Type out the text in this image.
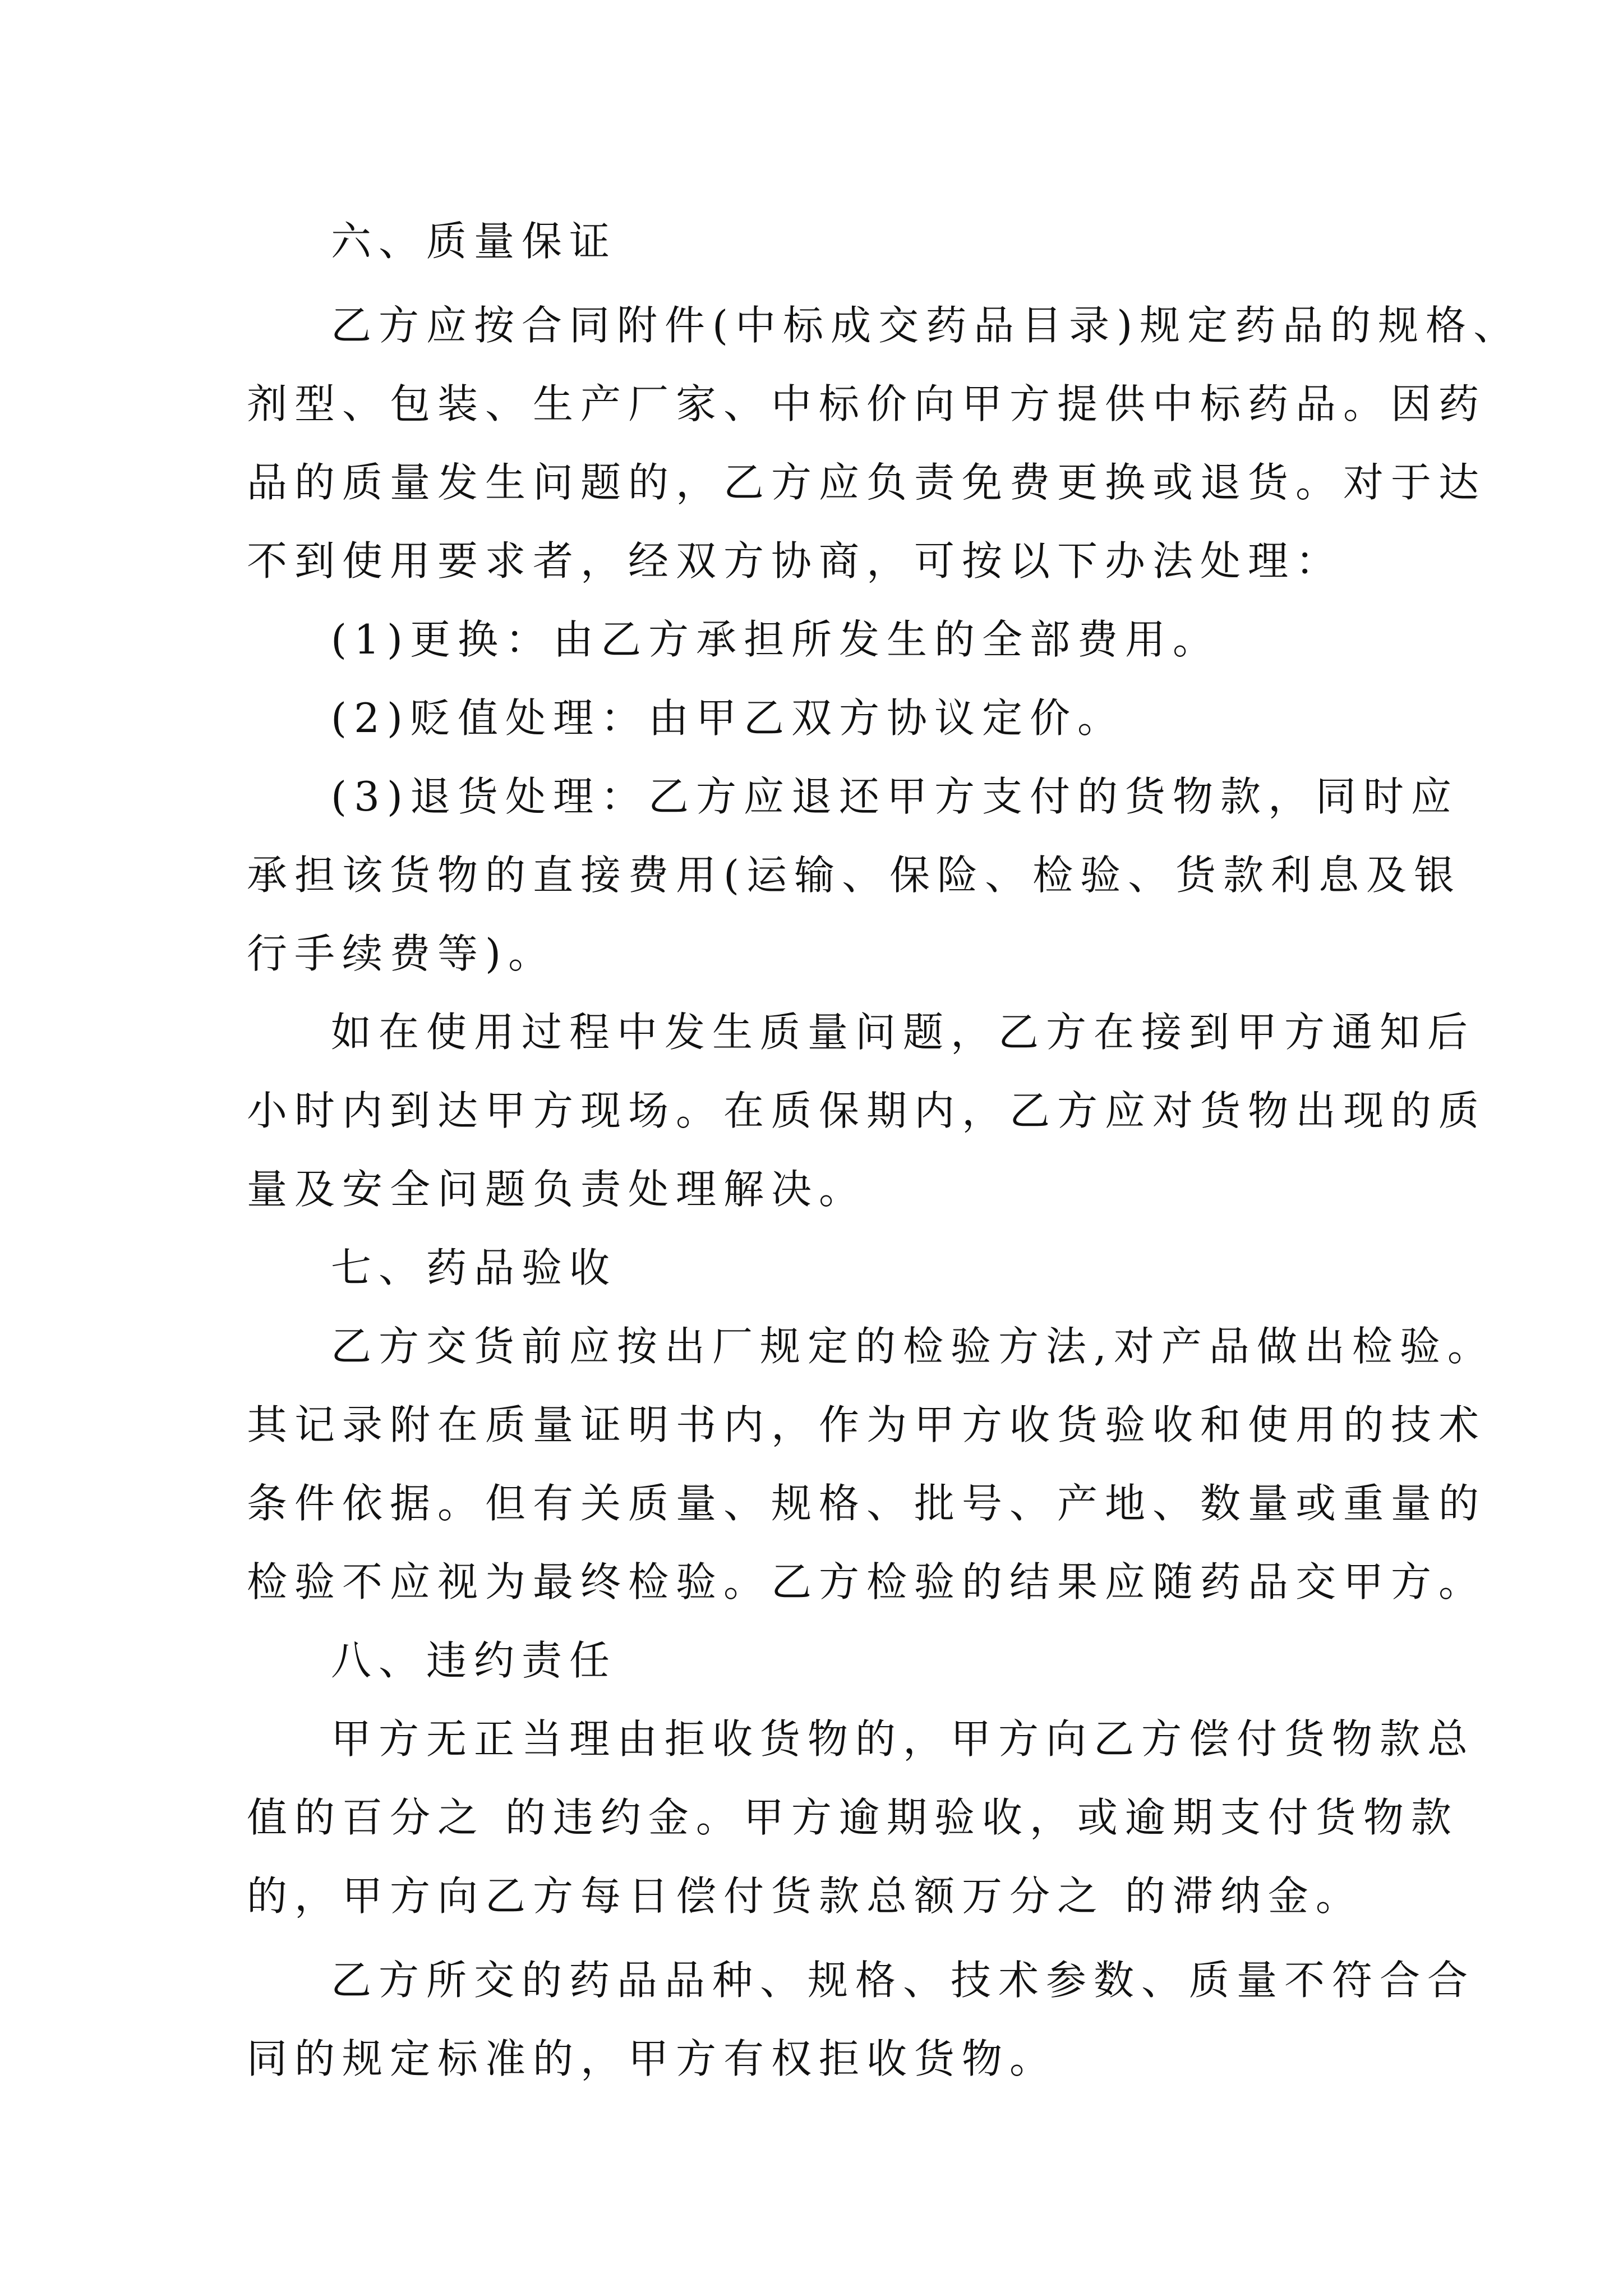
六、质量保证
乙方应按合同附件(中标成交药品目录)规定药品的规格、
剂型、包装、生产厂家、中标价向甲方提供中标药品。因药
品的质量发生问题的，乙方应负责免费更换或退货。对于达
不到使用要求者，经双方协商，可按以下办法处理：
(1)更换：由乙方承担所发生的全部费用。
(2)贬值处理：由甲乙双方协议定价。
(3)退货处理：乙方应退还甲方支付的货物款，同时应
承担该货物的直接费用(运输、保险、检验、货款利息及银
行手续费等)。
如在使用过程中发生质量问题，乙方在接到甲方通知后
小时内到达甲方现场。在质保期内，乙方应对货物出现的质
量及安全问题负责处理解决。
七、药品验收
乙方交货前应按出厂规定的检验方法,对产品做出检验。
其记录附在质量证明书内，作为甲方收货验收和使用的技术
条件依据。但有关质量、规格、批号、产地、数量或重量的
检验不应视为最终检验。乙方检验的结果应随药品交甲方。
八、违约责任
甲方无正当理由拒收货物的，甲方向乙方偿付货物款总
值的百分之 的违约金。甲方逾期验收，或逾期支付货物款
的，甲方向乙方每日偿付货款总额万分之 的滞纳金。
乙方所交的药品品种、规格、技术参数、质量不符合合
同的规定标准的，甲方有权拒收货物。
